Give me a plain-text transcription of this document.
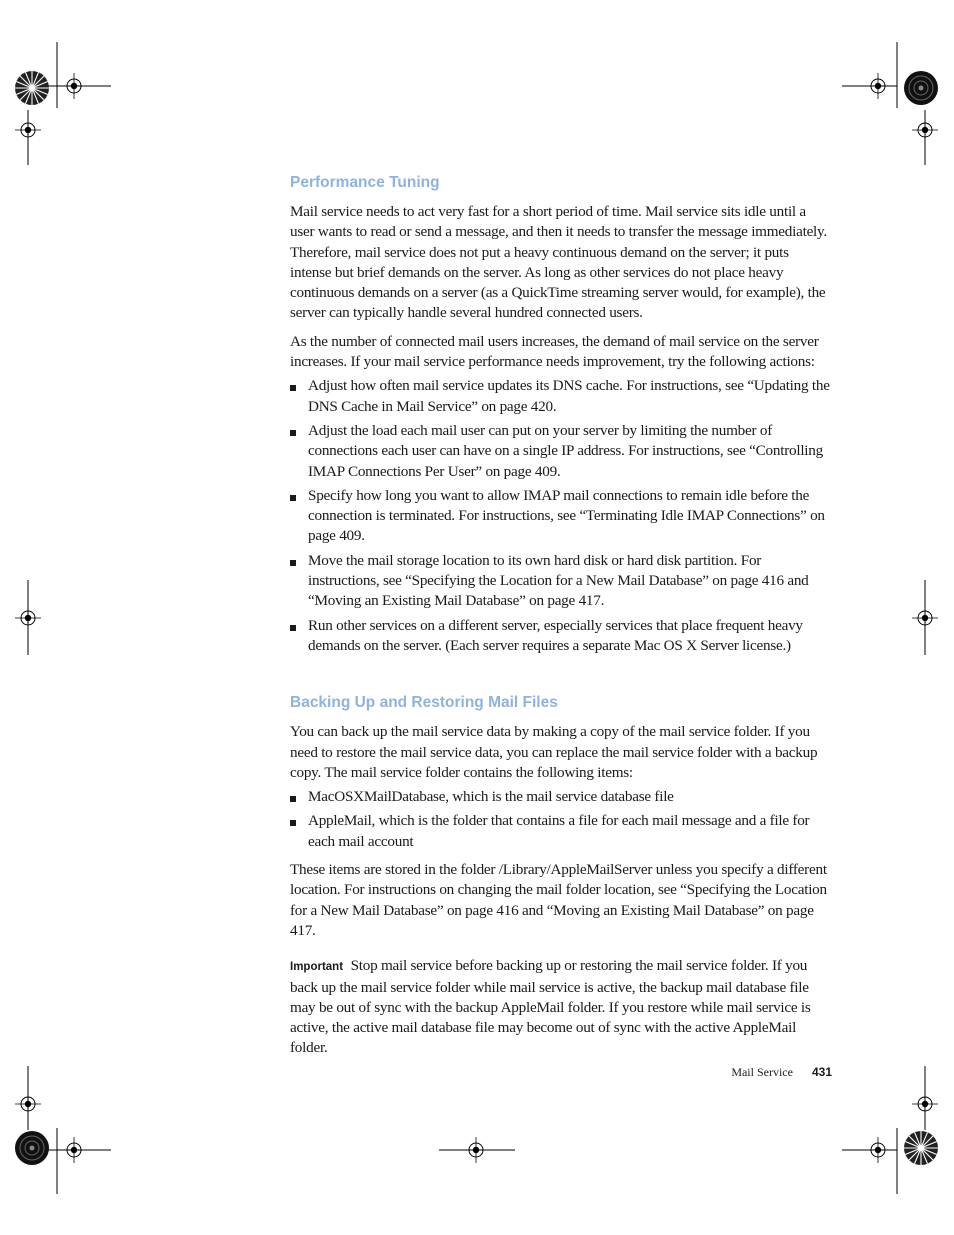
Performance Tuning

Mail service needs to act very fast for a short period of time. Mail service sits idle until a user wants to read or send a message, and then it needs to transfer the message immediately. Therefore, mail service does not put a heavy continuous demand on the server; it puts intense but brief demands on the server. As long as other services do not place heavy continuous demands on a server (as a QuickTime streaming server would, for example), the server can typically handle several hundred connected users.

As the number of connected mail users increases, the demand of mail service on the server increases. If your mail service performance needs improvement, try the following actions:

Adjust how often mail service updates its DNS cache. For instructions, see “Updating the DNS Cache in Mail Service” on page 420.
Adjust the load each mail user can put on your server by limiting the number of connections each user can have on a single IP address. For instructions, see “Controlling IMAP Connections Per User” on page 409.
Specify how long you want to allow IMAP mail connections to remain idle before the connection is terminated. For instructions, see “Terminating Idle IMAP Connections” on page 409.
Move the mail storage location to its own hard disk or hard disk partition. For instructions, see “Specifying the Location for a New Mail Database” on page 416 and “Moving an Existing Mail Database” on page 417.
Run other services on a different server, especially services that place frequent heavy demands on the server. (Each server requires a separate Mac OS X Server license.)
Backing Up and Restoring Mail Files

You can back up the mail service data by making a copy of the mail service folder. If you need to restore the mail service data, you can replace the mail service folder with a backup copy. The mail service folder contains the following items:

MacOSXMailDatabase, which is the mail service database file
AppleMail, which is the folder that contains a file for each mail message and a file for each mail account

These items are stored in the folder /Library/AppleMailServer unless you specify a different location. For instructions on changing the mail folder location, see “Specifying the Location for a New Mail Database” on page 416 and “Moving an Existing Mail Database” on page 417.

Important Stop mail service before backing up or restoring the mail service folder. If you back up the mail service folder while mail service is active, the backup mail database file may be out of sync with the backup AppleMail folder. If you restore while mail service is active, the active mail database file may become out of sync with the active AppleMail folder.

Mail Service 431
